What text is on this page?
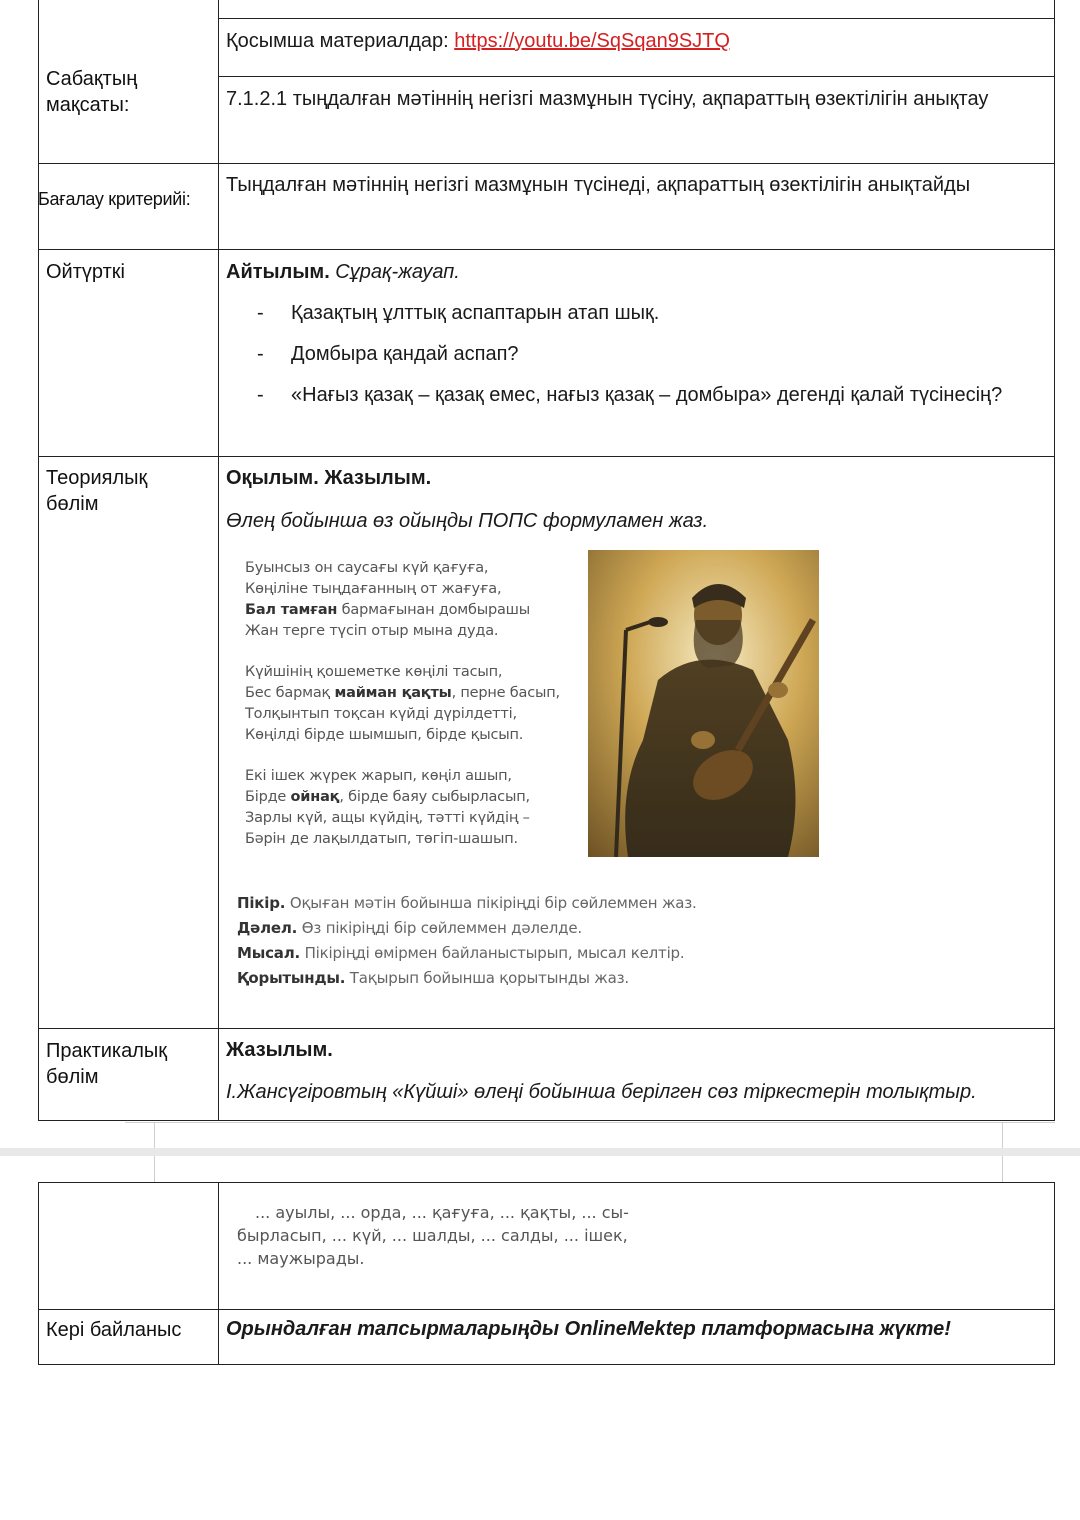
Сабақтың
мақсаты:
Қосымша материалдар: https://youtu.be/SqSqan9SJTQ
7.1.2.1 тыңдалған мәтіннің негізгі мазмұнын түсіну, ақпараттың өзектілігін анықтау
Бағалау критерийі:
Тыңдалған мәтіннің негізгі мазмұнын түсінеді, ақпараттың өзектілігін анықтайды
Ойтүрткі	Айтылым. Сұрақ-жауап.
- Қазақтың ұлттық аспаптарын атап шық.
- Домбыра қандай аспап?
- «Нағыз қазақ – қазақ емес, нағыз қазақ – домбыра» дегенді қалай түсінесің?
Теориялық
бөлім
Оқылым. Жазылым.
Өлең бойынша өз ойыңды ПОПС формуламен жаз.
Буынсыз он саусағы күй қағуға,
Көңіліне тыңдағанның от жағуға,
Бал тамған бармағынан домбырашы
Жан терге түсіп отыр мына дуда.
Күйшінің қошеметке көңілі тасып,
Бес бармақ майман қақты, перне басып,
Толқынтып тоқсан күйді дүрілдетті,
Көңілді бірде шымшып, бірде қысып.
Екі ішек жүрек жарып, көңіл ашып,
Бірде ойнақ, бірде баяу сыбырласып,
Зарлы күй, ащы күйдің, тәтті күйдің –
Бәрін де лақылдатып, төгіп-шашып.
Пікір. Оқыған мәтін бойынша пікіріңді бір сөйлеммен жаз.
Дәлел. Өз пікіріңді бір сөйлеммен дәлелде.
Мысал. Пікіріңді өмірмен байланыстырып, мысал келтір.
Қорытынды. Тақырып бойынша қорытынды жаз.
Практикалық
бөлім
Жазылым.
І.Жансүгіровтың «Күйші» өлеңі бойынша берілген сөз тіркестерін толықтыр.
... ауылы, ... орда, ... қағуға, ... қақты, ... сы-
бырласып, ... күй, ... шалды, ... салды, ... ішек,
... маужырады.
Кері байланыс Орындалған тапсырмаларыңды OnlineMektep платформасына жүкте!
